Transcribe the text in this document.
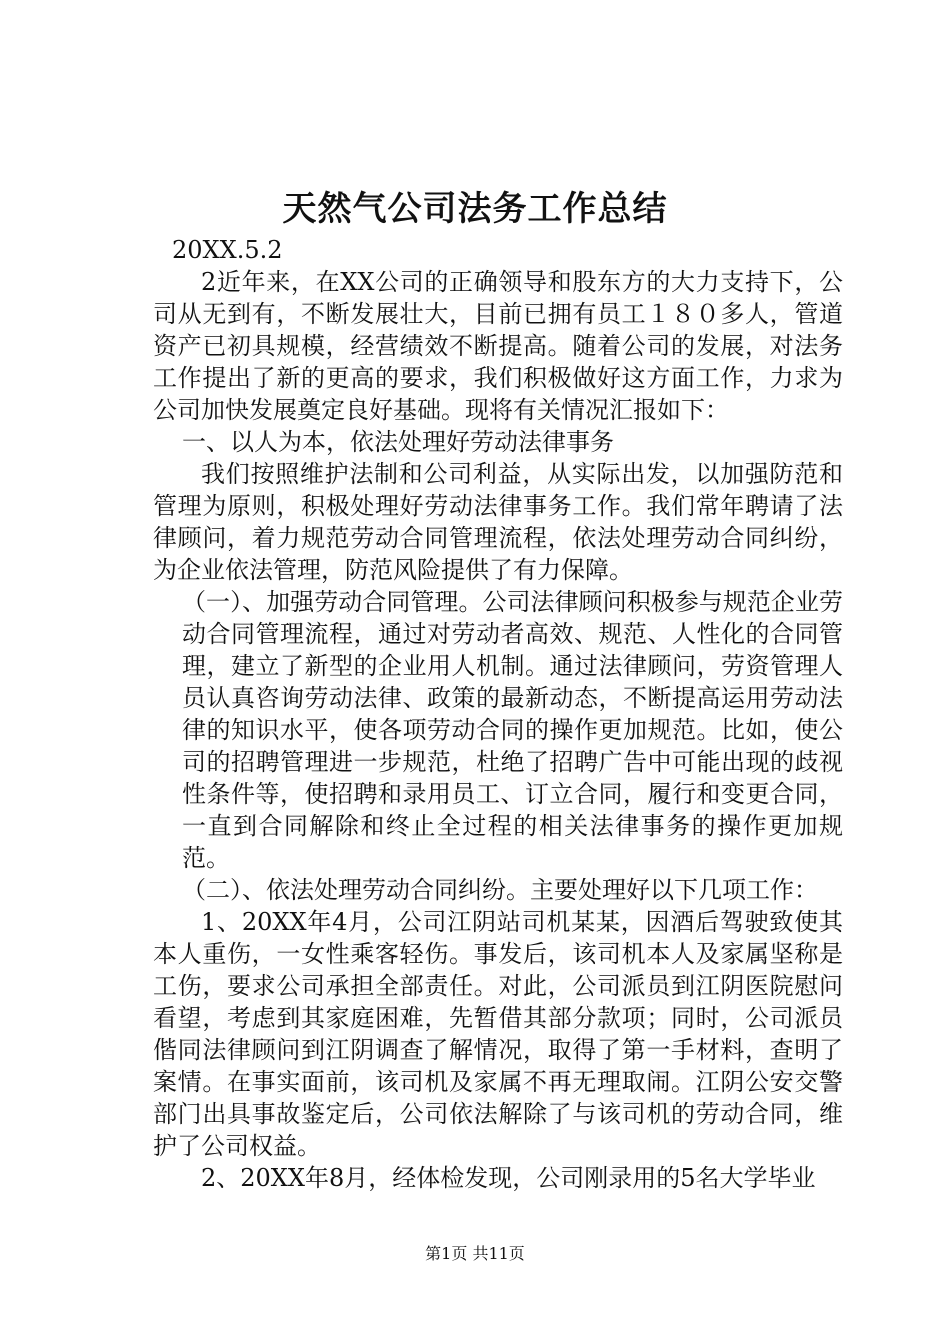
天然气公司法务工作总结

20XX.5.2

2近年来，在XX公司的正确领导和股东方的大力支持下，公司从无到有，不断发展壮大，目前已拥有员工１８０多人，管道资产已初具规模，经营绩效不断提高。随着公司的发展，对法务工作提出了新的更高的要求，我们积极做好这方面工作，力求为公司加快发展奠定良好基础。现将有关情况汇报如下：

一、以人为本，依法处理好劳动法律事务

我们按照维护法制和公司利益，从实际出发，以加强防范和管理为原则，积极处理好劳动法律事务工作。我们常年聘请了法律顾问，着力规范劳动合同管理流程，依法处理劳动合同纠纷，为企业依法管理，防范风险提供了有力保障。

（一）、加强劳动合同管理。公司法律顾问积极参与规范企业劳动合同管理流程，通过对劳动者高效、规范、人性化的合同管理，建立了新型的企业用人机制。通过法律顾问，劳资管理人员认真咨询劳动法律、政策的最新动态，不断提高运用劳动法律的知识水平，使各项劳动合同的操作更加规范。比如，使公司的招聘管理进一步规范，杜绝了招聘广告中可能出现的歧视性条件等，使招聘和录用员工、订立合同，履行和变更合同，一直到合同解除和终止全过程的相关法律事务的操作更加规范。

（二）、依法处理劳动合同纠纷。主要处理好以下几项工作：

1、20XX年4月，公司江阴站司机某某，因酒后驾驶致使其本人重伤，一女性乘客轻伤。事发后，该司机本人及家属坚称是工伤，要求公司承担全部责任。对此，公司派员到江阴医院慰问看望，考虑到其家庭困难，先暂借其部分款项；同时，公司派员偕同法律顾问到江阴调查了解情况，取得了第一手材料，查明了案情。在事实面前，该司机及家属不再无理取闹。江阴公安交警部门出具事故鉴定后，公司依法解除了与该司机的劳动合同，维护了公司权益。

2、20XX年8月，经体检发现，公司刚录用的5名大学毕业

第1页 共11页
